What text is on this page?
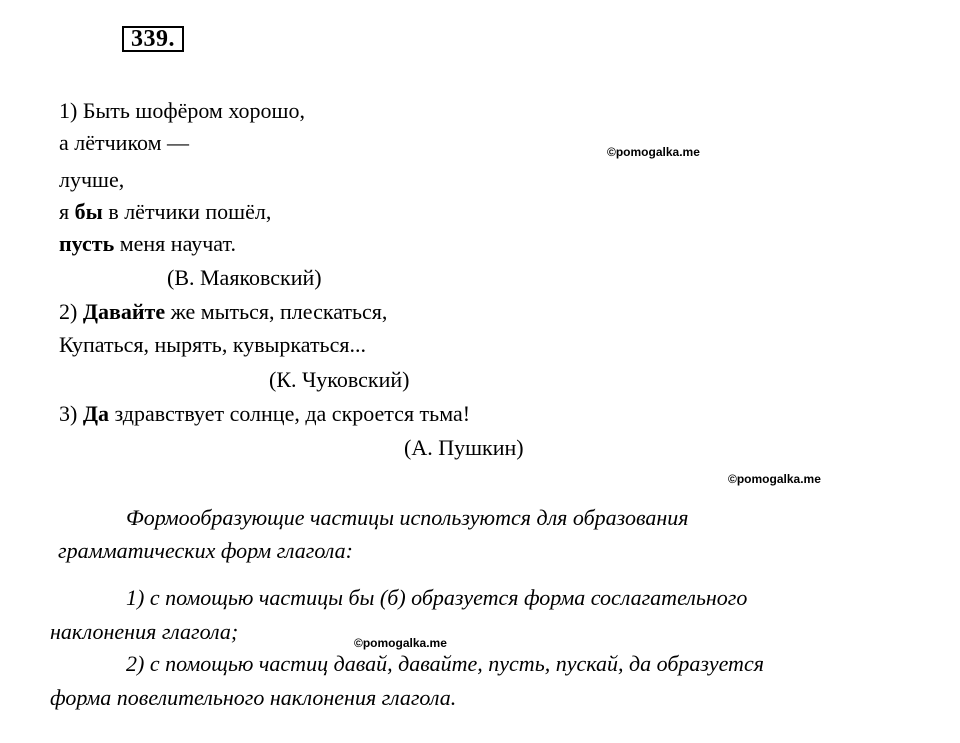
339.
1) Быть шофёром хорошо,
а лётчиком —
лучше,
я бы в лётчики пошёл,
пусть меня научат.
(В. Маяковский)
2) Давайте же мыться, плескаться,
Купаться, нырять, кувыркаться...
(К. Чуковский)
3) Да здравствует солнце, да скроется тьма!
(А. Пушкин)
©pomogalka.me
©pomogalka.me
©pomogalka.me
Формообразующие частицы используются для образования
грамматических форм глагола:
1) с помощью частицы бы (б) образуется форма сослагательного
наклонения глагола;
2) с помощью частиц давай, давайте, пусть, пускай, да образуется
форма повелительного наклонения глагола.
